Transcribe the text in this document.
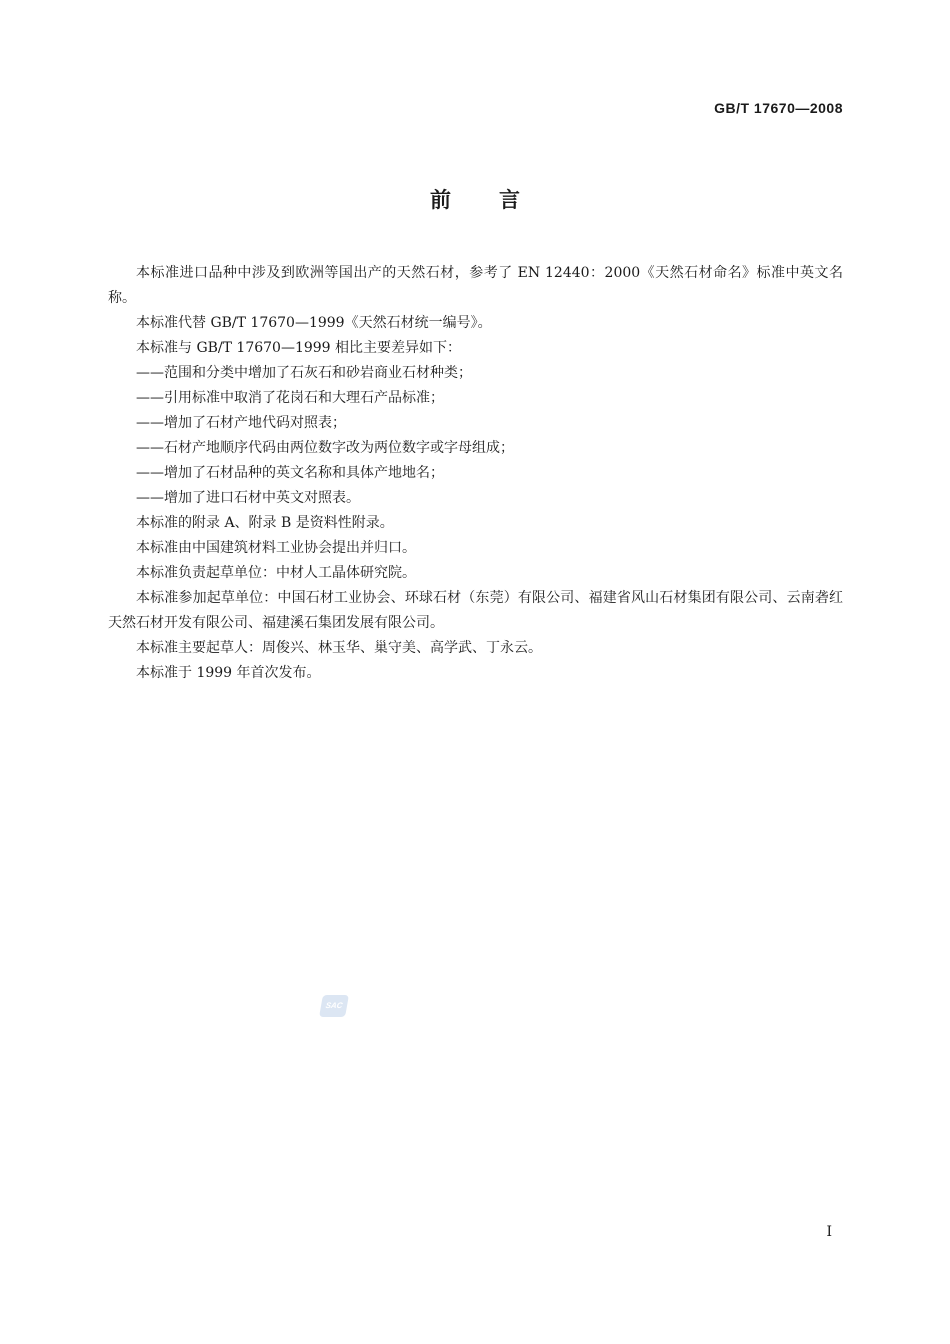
GB/T 17670—2008
前言

本标准进口品种中涉及到欧洲等国出产的天然石材，参考了 EN 12440：2000《天然石材命名》标准中英文名称。

本标准代替 GB/T 17670—1999《天然石材统一编号》。

本标准与 GB/T 17670—1999 相比主要差异如下：

——范围和分类中增加了石灰石和砂岩商业石材种类；

——引用标准中取消了花岗石和大理石产品标准；

——增加了石材产地代码对照表；

——石材产地顺序代码由两位数字改为两位数字或字母组成；

——增加了石材品种的英文名称和具体产地地名；

——增加了进口石材中英文对照表。

本标准的附录 A、附录 B 是资料性附录。

本标准由中国建筑材料工业协会提出并归口。

本标准负责起草单位：中材人工晶体研究院。

本标准参加起草单位：中国石材工业协会、环球石材（东莞）有限公司、福建省风山石材集团有限公司、云南砻红天然石材开发有限公司、福建溪石集团发展有限公司。

本标准主要起草人：周俊兴、林玉华、巢守美、高学武、丁永云。

本标准于 1999 年首次发布。

SAC
I
